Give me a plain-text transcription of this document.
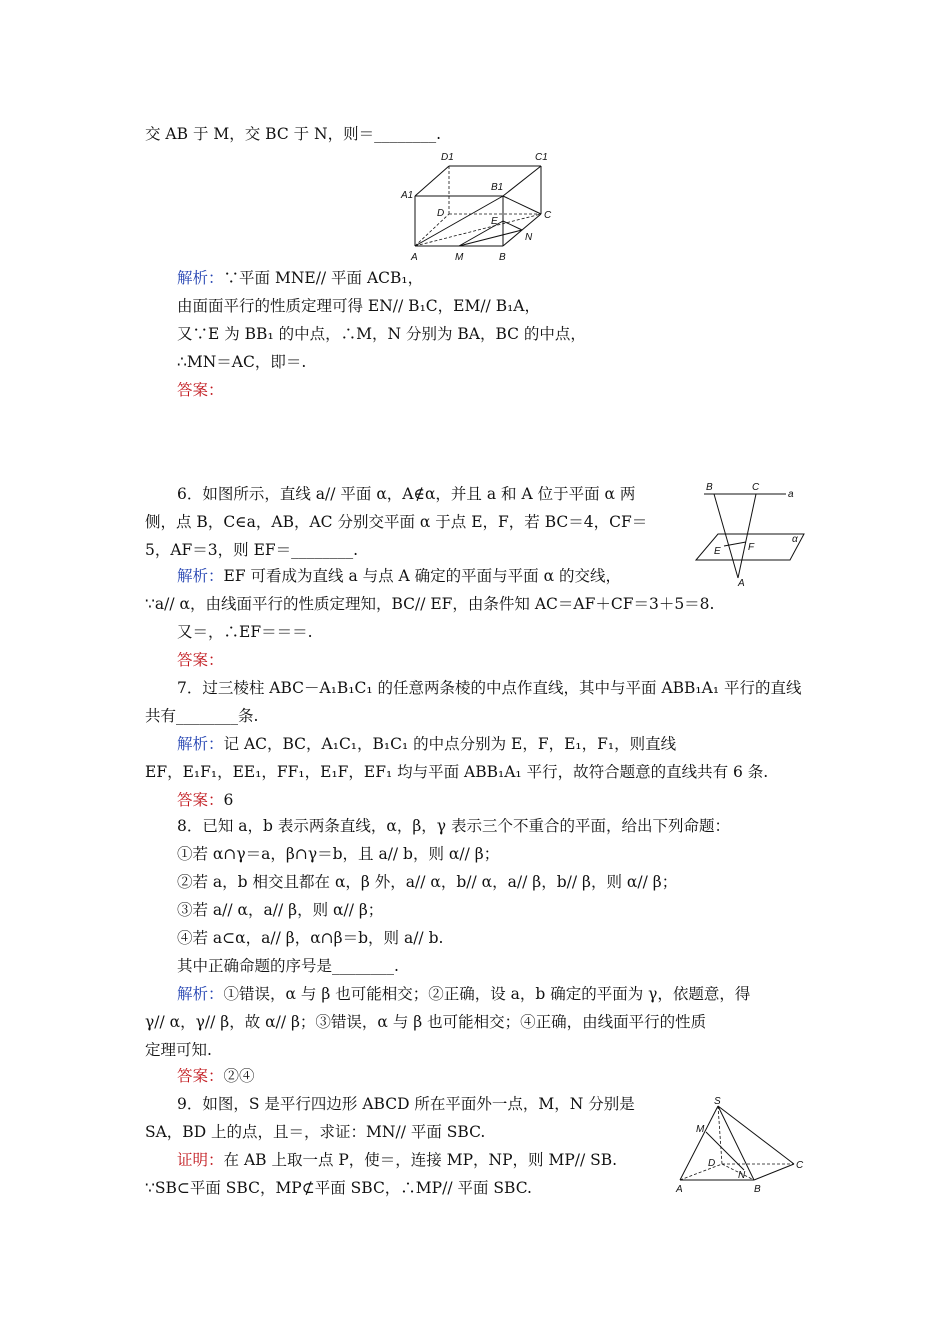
交 AB 于 M，交 BC 于 N，则＝________.
D1	C1
A1
B1
D
E
C
N
A	M	B
解析：∵平面 MNE// 平面 ACB₁，
由面面平行的性质定理可得 EN// B₁C，EM// B₁A，
又∵E 为 BB₁ 的中点，∴M，N 分别为 BA，BC 的中点，
∴MN＝AC，即＝.
答案：
6．如图所示，直线 a// 平面 α，A∉α，并且 a 和 A 位于平面 α 两
侧，点 B，C∈a，AB，AC 分别交平面 α 于点 E，F，若 BC＝4，CF＝
5，AF＝3，则 EF＝________.
B	C
a
α
E	F
A
解析：EF 可看成为直线 a 与点 A 确定的平面与平面 α 的交线，
∵a// α，由线面平行的性质定理知，BC// EF，由条件知 AC＝AF＋CF＝3＋5＝8.
又＝，∴EF＝＝＝.
答案：
7．过三棱柱 ABC－A₁B₁C₁ 的任意两条棱的中点作直线，其中与平面 ABB₁A₁ 平行的直线
共有________条.
解析：记 AC，BC，A₁C₁，B₁C₁ 的中点分别为 E，F，E₁，F₁，则直线
EF，E₁F₁，EE₁，FF₁，E₁F，EF₁ 均与平面 ABB₁A₁ 平行，故符合题意的直线共有 6 条.
答案：6
8．已知 a，b 表示两条直线，α，β，γ 表示三个不重合的平面，给出下列命题：
①若 α∩γ＝a，β∩γ＝b，且 a// b，则 α// β；
②若 a，b 相交且都在 α，β 外，a// α，b// α，a// β，b// β，则 α// β；
③若 a// α，a// β，则 α// β；
④若 a⊂α，a// β，α∩β＝b，则 a// b.
其中正确命题的序号是________.
解析：①错误，α 与 β 也可能相交；②正确，设 a，b 确定的平面为 γ，依题意，得
γ// α，γ// β，故 α// β；③错误，α 与 β 也可能相交；④正确，由线面平行的性质
定理可知.
答案：②④
9．如图，S 是平行四边形 ABCD 所在平面外一点，M，N 分别是
SA，BD 上的点，且＝，求证：MN// 平面 SBC.
证明：在 AB 上取一点 P，使＝，连接 MP，NP，则 MP// SB.
∵SB⊂平面 SBC，MP⊄平面 SBC，∴MP// 平面 SBC.
S
M
D
N
C
A	B
